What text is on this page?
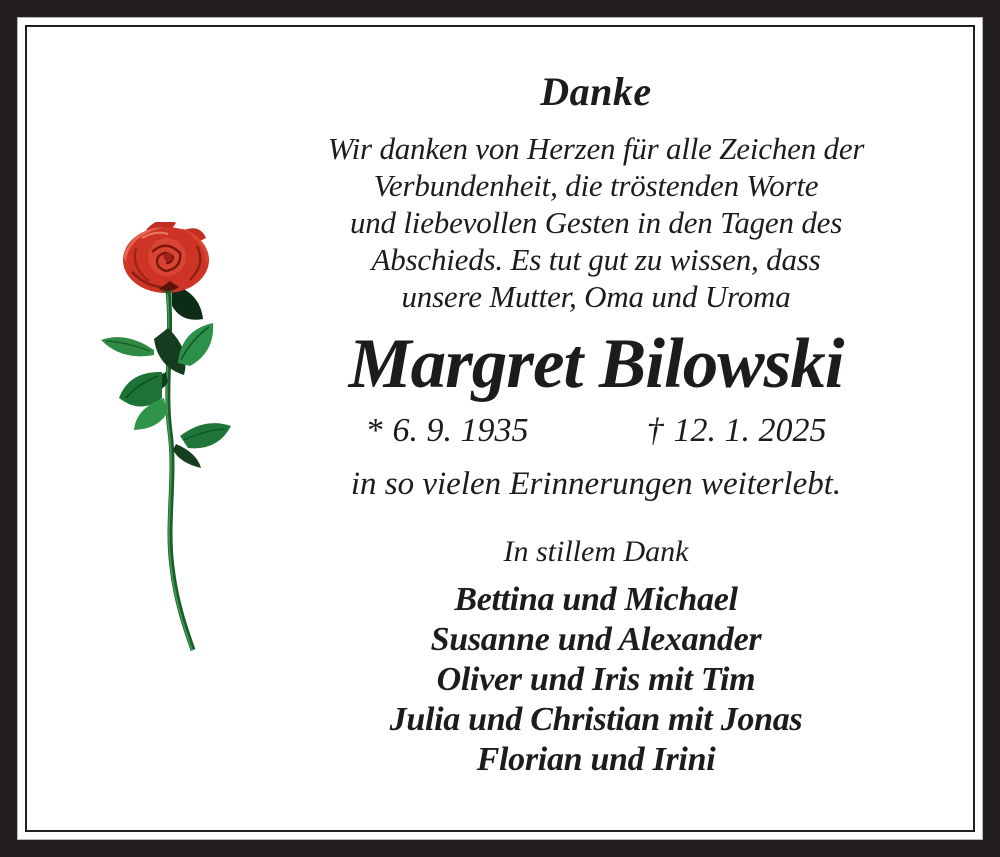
Danke
Wir danken von Herzen für alle Zeichen der
Verbundenheit, die tröstenden Worte
und liebevollen Gesten in den Tagen des
Abschieds. Es tut gut zu wissen, dass
unsere Mutter, Oma und Uroma
Margret Bilowski
* 6. 9. 1935	† 12. 1. 2025
in so vielen Erinnerungen weiterlebt.
In stillem Dank
Bettina und Michael
Susanne und Alexander
Oliver und Iris mit Tim
Julia und Christian mit Jonas
Florian und Irini
